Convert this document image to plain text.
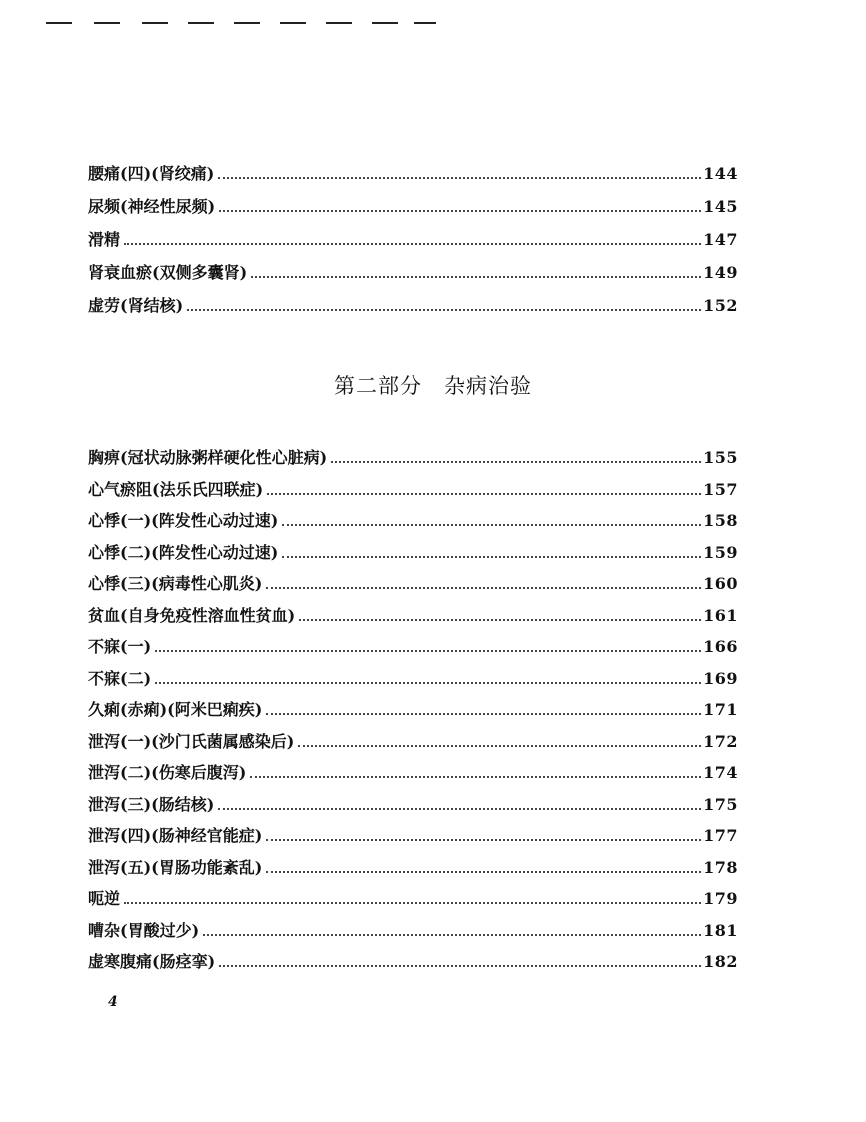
腰痛(四)(肾绞痛)	144
尿频(神经性尿频)	145
滑精	147
肾衰血瘀(双侧多囊肾)	149
虚劳(肾结核)	152
第二部分　杂病治验
胸痹(冠状动脉粥样硬化性心脏病)	155
心气瘀阻(法乐氏四联症)	157
心悸(一)(阵发性心动过速)	158
心悸(二)(阵发性心动过速)	159
心悸(三)(病毒性心肌炎)	160
贫血(自身免疫性溶血性贫血)	161
不寐(一)	166
不寐(二)	169
久痢(赤痢)(阿米巴痢疾)	171
泄泻(一)(沙门氏菌属感染后)	172
泄泻(二)(伤寒后腹泻)	174
泄泻(三)(肠结核)	175
泄泻(四)(肠神经官能症)	177
泄泻(五)(胃肠功能紊乱)	178
呃逆	179
嘈杂(胃酸过少)	181
虚寒腹痛(肠痉挛)	182
4
